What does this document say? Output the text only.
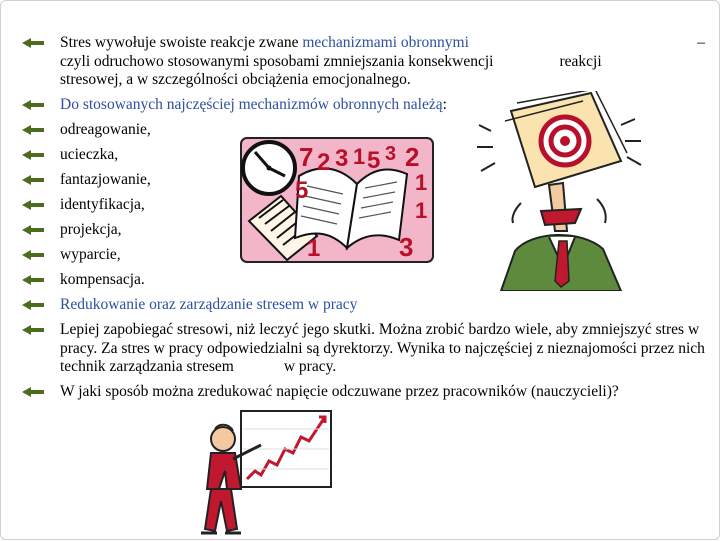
Stres wywołuje swoiste reakcje zwane mechanizmami obronnymi	–

czyli odruchowo stosowanymi sposobami zmniejszania konsekwencji	reakcji
stresowej, a w szczególności obciążenia emocjonalnego.
Do stosowanych najczęściej mechanizmów obronnych należą:
odreagowanie,
ucieczka,
fantazjowanie,
identyfikacja,
projekcja,
wyparcie,
kompensacja.
Redukowanie oraz zarządzanie stresem w pracy
Lepiej zapobiegać stresowi, niż leczyć jego skutki. Można zrobić bardzo wiele, aby zmniejszyć stres w pracy. Za stres w pracy odpowiedzialni są dyrektorzy. Wynika to najczęściej z nieznajomości przez nich technik zarządzania stresem	w pracy.
W jaki sposób można zredukować napięcie odczuwane przez pracowników (nauczycieli)?
7 2 3 1 5 3 2
5	1
1
3
1
